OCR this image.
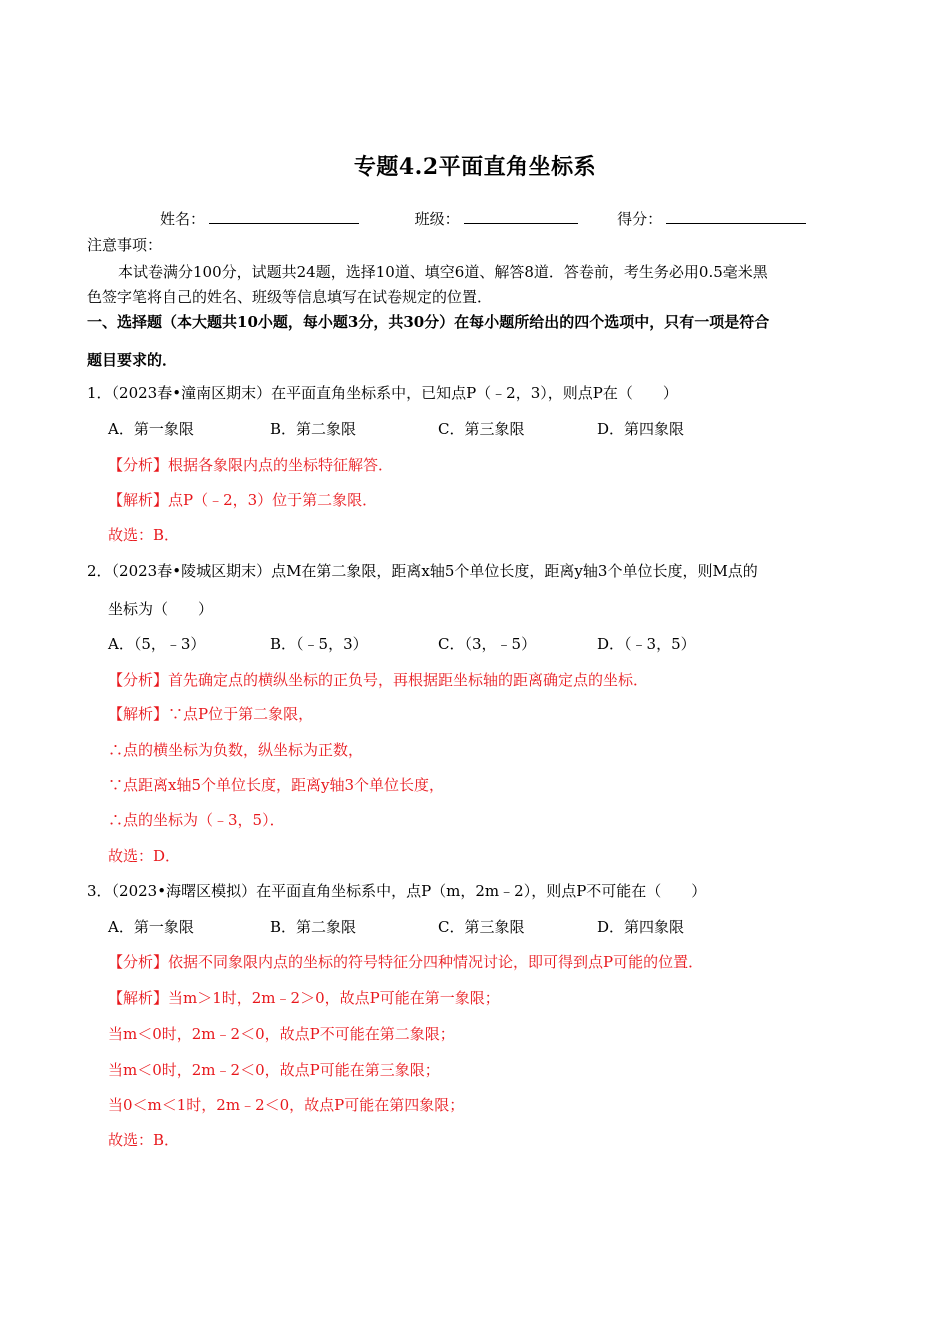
专题4.2平面直角坐标系
姓名：	班级：	得分：
注意事项：
本试卷满分100分，试题共24题，选择10道、填空6道、解答8道．答卷前，考生务必用0.5毫米黑
色签字笔将自己的姓名、班级等信息填写在试卷规定的位置．
一、选择题（本大题共10小题，每小题3分，共30分）在每小题所给出的四个选项中，只有一项是符合
题目要求的．
1．（2023春•潼南区期末）在平面直角坐标系中，已知点P（﹣2，3），则点P在（　　）
A．第一象限	B．第二象限	C．第三象限	D．第四象限
【分析】根据各象限内点的坐标特征解答．
【解析】点P（﹣2，3）位于第二象限．
故选：B．
2．（2023春•陵城区期末）点M在第二象限，距离x轴5个单位长度，距离y轴3个单位长度，则M点的
坐标为（　　）
A．（5，﹣3）	B．（﹣5，3）	C．（3，﹣5）	D．（﹣3，5）
【分析】首先确定点的横纵坐标的正负号，再根据距坐标轴的距离确定点的坐标．
【解析】∵点P位于第二象限，
∴点的横坐标为负数，纵坐标为正数，
∵点距离x轴5个单位长度，距离y轴3个单位长度，
∴点的坐标为（﹣3，5）．
故选：D．
3．（2023•海曙区模拟）在平面直角坐标系中，点P（m，2m﹣2），则点P不可能在（　　）
A．第一象限	B．第二象限	C．第三象限	D．第四象限
【分析】依据不同象限内点的坐标的符号特征分四种情况讨论，即可得到点P可能的位置．
【解析】当m＞1时，2m﹣2＞0，故点P可能在第一象限；
当m＜0时，2m﹣2＜0，故点P不可能在第二象限；
当m＜0时，2m﹣2＜0，故点P可能在第三象限；
当0＜m＜1时，2m﹣2＜0，故点P可能在第四象限；
故选：B．
